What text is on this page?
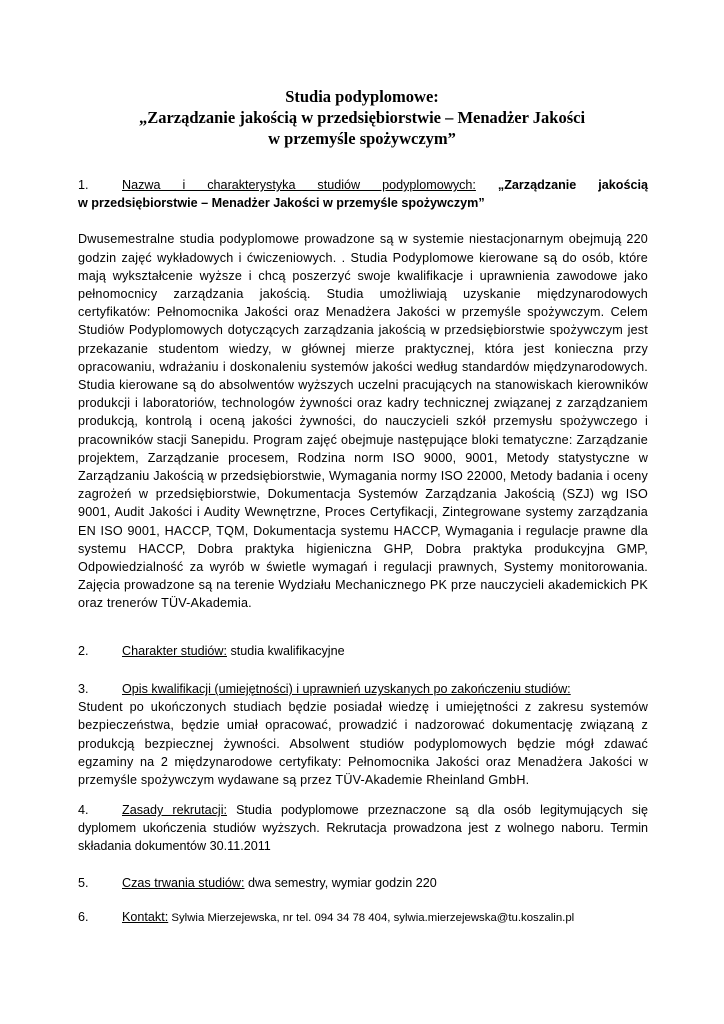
Studia podyplomowe:
„Zarządzanie jakością w przedsiębiorstwie – Menadżer Jakości
w przemyśle spożywczym”
1.	Nazwa i charakterystyka studiów podyplomowych: „Zarządzanie jakością
w przedsiębiorstwie – Menadżer Jakości w przemyśle spożywczym”
Dwusemestralne studia podyplomowe prowadzone są w systemie niestacjonarnym obejmują 220 godzin zajęć wykładowych i ćwiczeniowych. . Studia Podyplomowe kierowane są do osób, które mają wykształcenie wyższe i chcą poszerzyć swoje kwalifikacje i uprawnienia zawodowe jako pełnomocnicy zarządzania jakością. Studia umożliwiają uzyskanie międzynarodowych certyfikatów: Pełnomocnika Jakości oraz Menadżera Jakości w przemyśle spożywczym. Celem Studiów Podyplomowych dotyczących zarządzania jakością w przedsiębiorstwie spożywczym jest przekazanie studentom wiedzy, w głównej mierze praktycznej, która jest konieczna przy opracowaniu, wdrażaniu i doskonaleniu systemów jakości według standardów międzynarodowych. Studia kierowane są do absolwentów wyższych uczelni pracujących na stanowiskach kierowników produkcji i laboratoriów, technologów żywności oraz kadry technicznej związanej z zarządzaniem produkcją, kontrolą i oceną jakości żywności, do nauczycieli szkół przemysłu spożywczego i pracowników stacji Sanepidu. Program zajęć obejmuje następujące bloki tematyczne: Zarządzanie projektem, Zarządzanie procesem, Rodzina norm ISO 9000, 9001, Metody statystyczne w Zarządzaniu Jakością w przedsiębiorstwie, Wymagania normy ISO 22000, Metody badania i oceny zagrożeń w przedsiębiorstwie, Dokumentacja Systemów Zarządzania Jakością (SZJ) wg ISO 9001, Audit Jakości i Audity Wewnętrzne, Proces Certyfikacji, Zintegrowane systemy zarządzania EN ISO 9001, HACCP, TQM, Dokumentacja systemu HACCP, Wymagania i regulacje prawne dla systemu HACCP, Dobra praktyka higieniczna GHP, Dobra praktyka produkcyjna GMP, Odpowiedzialność za wyrób w świetle wymagań i regulacji prawnych, Systemy monitorowania. Zajęcia prowadzone są na terenie Wydziału Mechanicznego PK prze nauczycieli akademickich PK oraz trenerów TÜV-Akademia.
2.	Charakter studiów: studia kwalifikacyjne
3.	Opis kwalifikacji (umiejętności) i uprawnień uzyskanych po zakończeniu studiów:
Student po ukończonych studiach będzie posiadał wiedzę i umiejętności z zakresu systemów bezpieczeństwa, będzie umiał opracować, prowadzić i nadzorować dokumentację związaną z produkcją bezpiecznej żywności. Absolwent studiów podyplomowych będzie mógł zdawać egzaminy na 2 międzynarodowe certyfikaty: Pełnomocnika Jakości oraz Menadżera Jakości w przemyśle spożywczym wydawane są przez TÜV-Akademie Rheinland GmbH.
4.	Zasady rekrutacji: Studia podyplomowe przeznaczone są dla osób legitymujących się dyplomem ukończenia studiów wyższych. Rekrutacja prowadzona jest z wolnego naboru. Termin składania dokumentów 30.11.2011
5.	Czas trwania studiów: dwa semestry, wymiar godzin 220
6.	Kontakt: Sylwia Mierzejewska, nr tel. 094 34 78 404, sylwia.mierzejewska@tu.koszalin.pl
